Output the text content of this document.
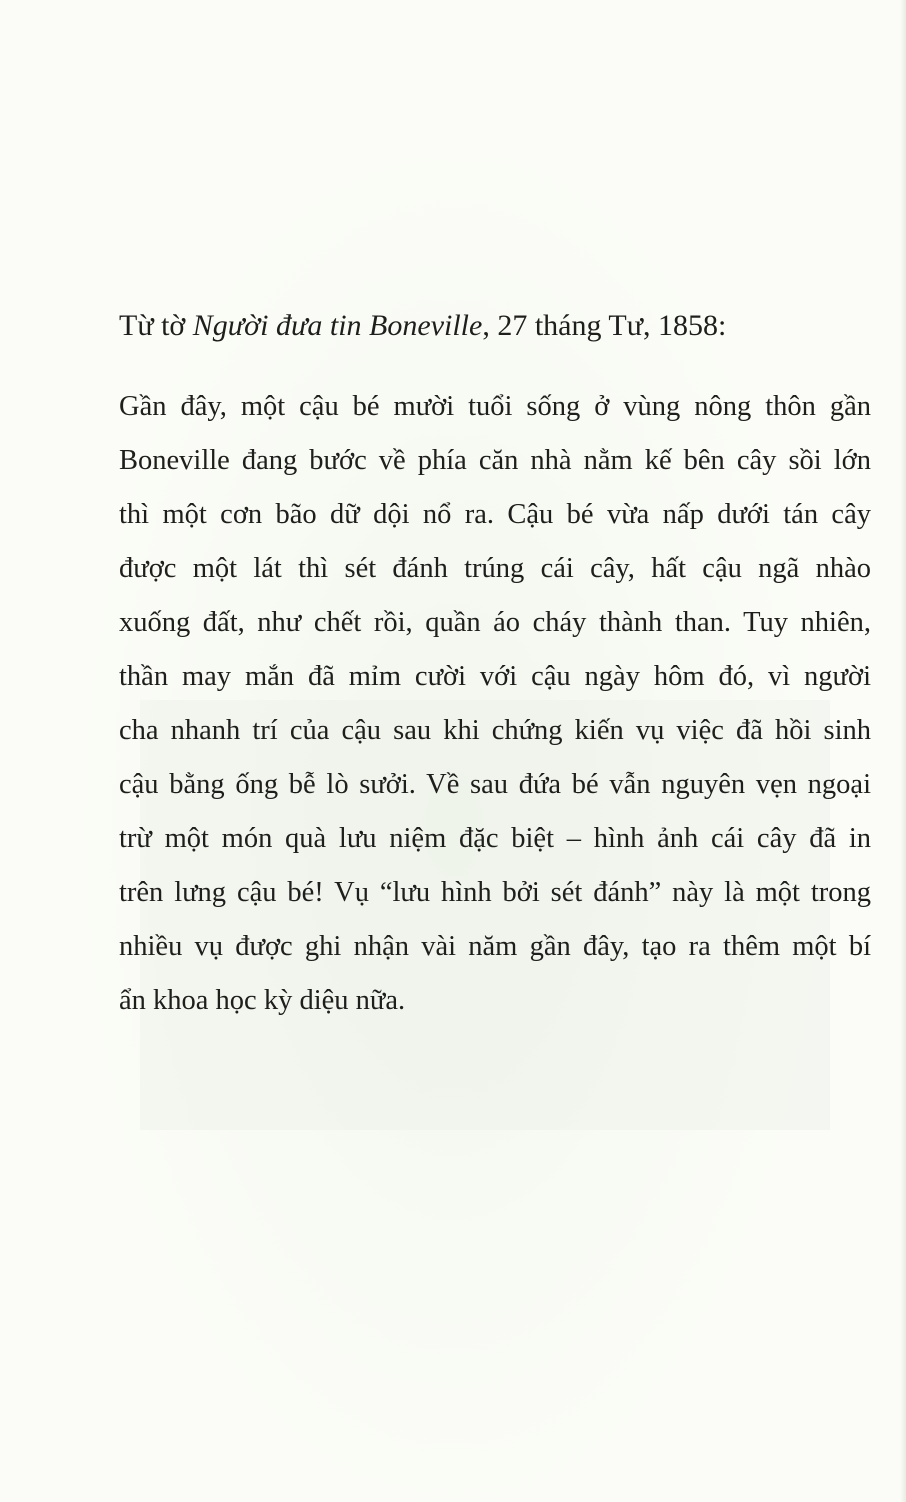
Từ tờ Người đưa tin Boneville, 27 tháng Tư, 1858:

Gần đây, một cậu bé mười tuổi sống ở vùng nông thôn gần
Boneville đang bước về phía căn nhà nằm kế bên cây sồi lớn
thì một cơn bão dữ dội nổ ra. Cậu bé vừa nấp dưới tán cây
được một lát thì sét đánh trúng cái cây, hất cậu ngã nhào
xuống đất, như chết rồi, quần áo cháy thành than. Tuy nhiên,
thần may mắn đã mỉm cười với cậu ngày hôm đó, vì người
cha nhanh trí của cậu sau khi chứng kiến vụ việc đã hồi sinh
cậu bằng ống bễ lò sưởi. Về sau đứa bé vẫn nguyên vẹn ngoại
trừ một món quà lưu niệm đặc biệt – hình ảnh cái cây đã in
trên lưng cậu bé! Vụ “lưu hình bởi sét đánh” này là một trong
nhiều vụ được ghi nhận vài năm gần đây, tạo ra thêm một bí
ẩn khoa học kỳ diệu nữa.
